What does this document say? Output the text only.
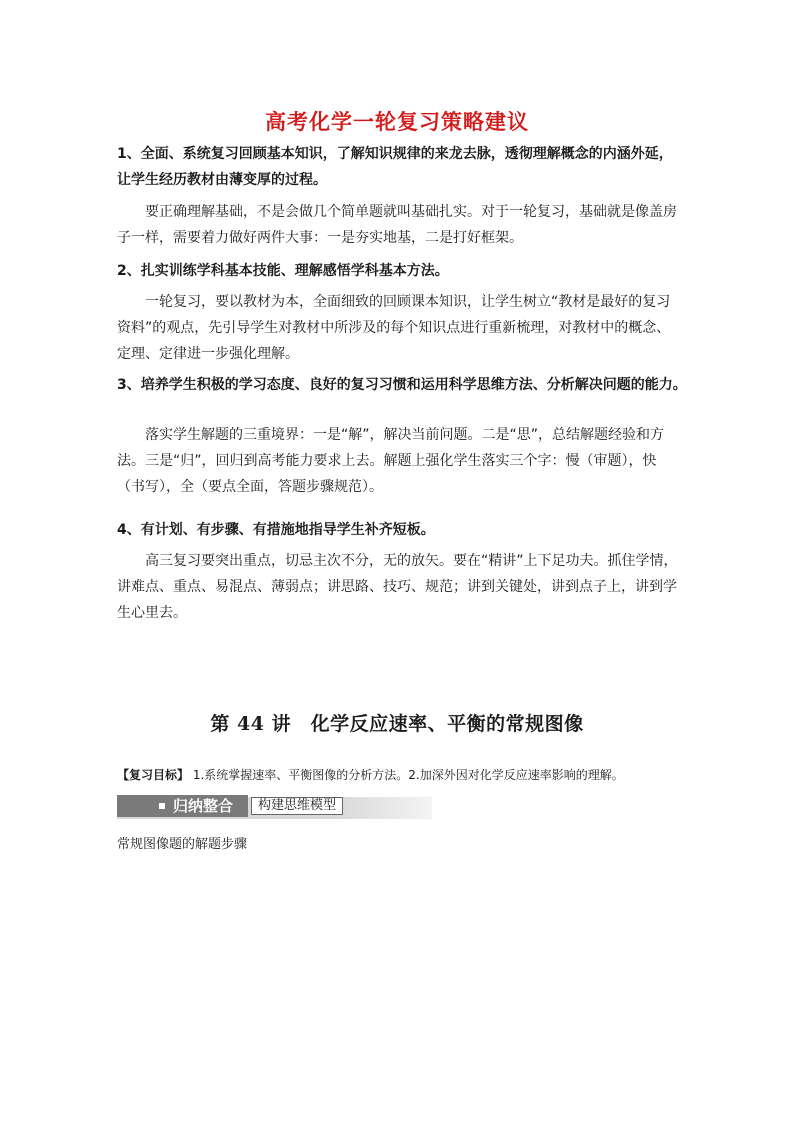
高考化学一轮复习策略建议
1、全面、系统复习回顾基本知识，了解知识规律的来龙去脉，透彻理解概念的内涵外延，让学生经历教材由薄变厚的过程。
要正确理解基础，不是会做几个简单题就叫基础扎实。对于一轮复习，基础就是像盖房子一样，需要着力做好两件大事：一是夯实地基，二是打好框架。
2、扎实训练学科基本技能、理解感悟学科基本方法。
一轮复习，要以教材为本，全面细致的回顾课本知识，让学生树立“教材是最好的复习资料”的观点，先引导学生对教材中所涉及的每个知识点进行重新梳理，对教材中的概念、定理、定律进一步强化理解。
3、培养学生积极的学习态度、良好的复习习惯和运用科学思维方法、分析解决问题的能力。
落实学生解题的三重境界：一是“解”，解决当前问题。二是“思”，总结解题经验和方法。三是“归”，回归到高考能力要求上去。解题上强化学生落实三个字：慢（审题），快（书写），全（要点全面，答题步骤规范）。
4、有计划、有步骤、有措施地指导学生补齐短板。
高三复习要突出重点，切忌主次不分，无的放矢。要在“精讲”上下足功夫。抓住学情，讲难点、重点、易混点、薄弱点；讲思路、技巧、规范；讲到关键处，讲到点子上，讲到学生心里去。
第 44 讲　化学反应速率、平衡的常规图像
【复习目标】 1.系统掌握速率、平衡图像的分析方法。2.加深外因对化学反应速率影响的理解。
归纳整合	构建思维模型
常规图像题的解题步骤
